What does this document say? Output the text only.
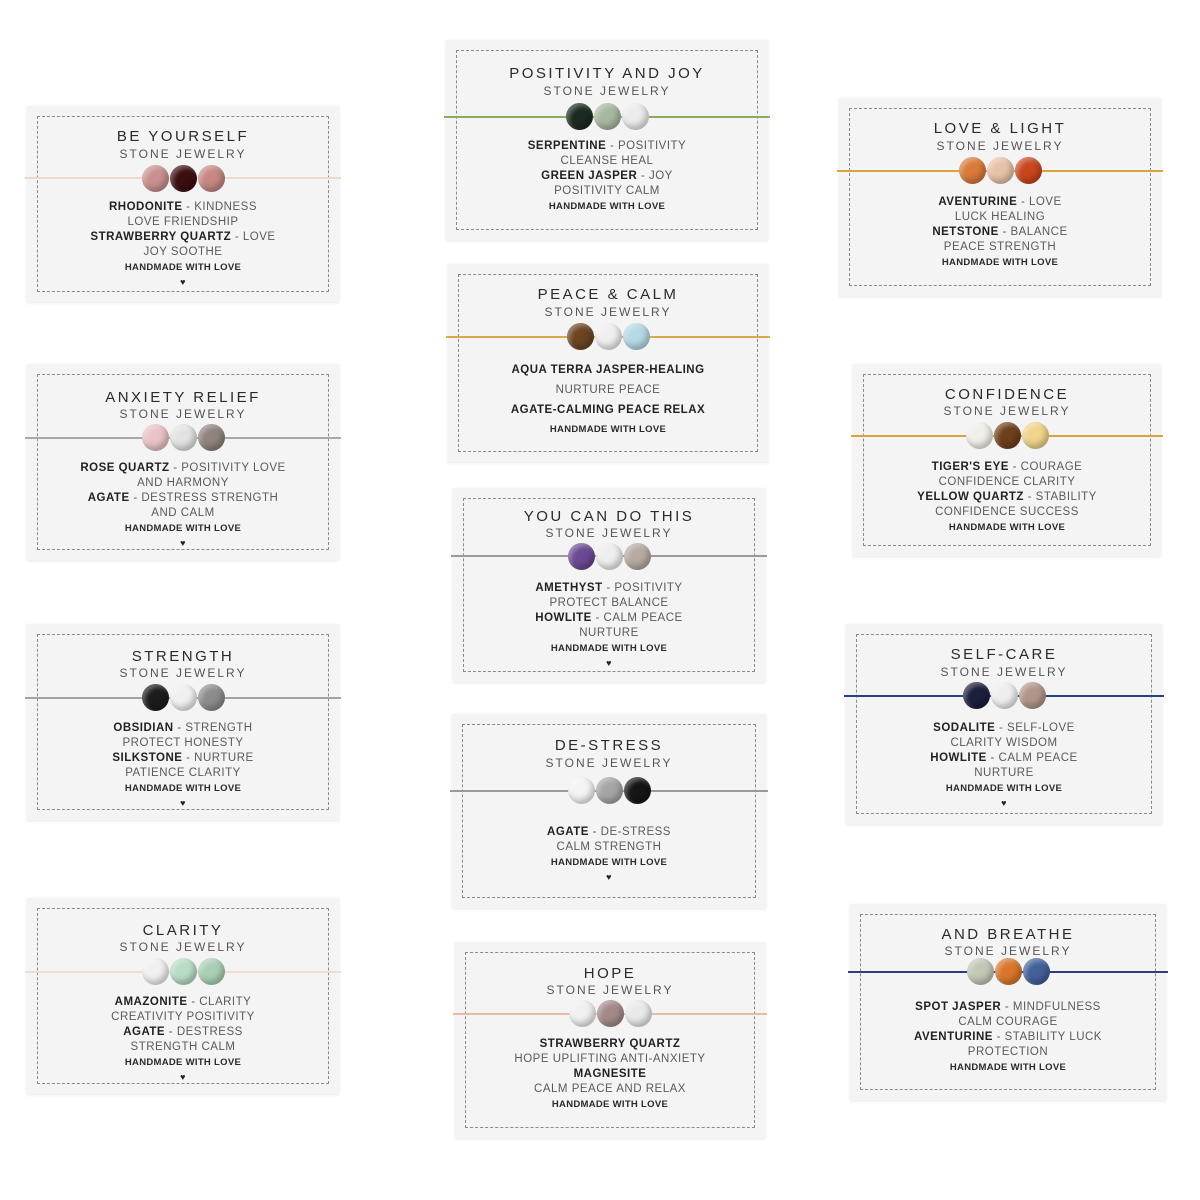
BE YOURSELF
STONE JEWELRY
RHODONITE - KINDNESS
LOVE FRIENDSHIP
STRAWBERRY QUARTZ - LOVE
JOY SOOTHE
HANDMADE WITH LOVE
♥
ANXIETY RELIEF
STONE JEWELRY
ROSE QUARTZ - POSITIVITY LOVE
AND HARMONY
AGATE - DESTRESS STRENGTH
AND CALM
HANDMADE WITH LOVE
♥
STRENGTH
STONE JEWELRY
OBSIDIAN - STRENGTH
PROTECT HONESTY
SILKSTONE - NURTURE
PATIENCE CLARITY
HANDMADE WITH LOVE
♥
CLARITY
STONE JEWELRY
AMAZONITE - CLARITY
CREATIVITY POSITIVITY
AGATE - DESTRESS
STRENGTH CALM
HANDMADE WITH LOVE
♥
POSITIVITY AND JOY
STONE JEWELRY
SERPENTINE - POSITIVITY
CLEANSE HEAL
GREEN JASPER - JOY
POSITIVITY CALM
HANDMADE WITH LOVE
PEACE & CALM
STONE JEWELRY
AQUA TERRA JASPER-HEALING
NURTURE PEACE
AGATE-CALMING PEACE RELAX
HANDMADE WITH LOVE
YOU CAN DO THIS
STONE JEWELRY
AMETHYST - POSITIVITY
PROTECT BALANCE
HOWLITE - CALM PEACE
NURTURE
HANDMADE WITH LOVE
♥
DE-STRESS
STONE JEWELRY
AGATE - DE-STRESS
CALM STRENGTH
HANDMADE WITH LOVE
♥
HOPE
STONE JEWELRY
STRAWBERRY QUARTZ
HOPE UPLIFTING ANTI-ANXIETY
MAGNESITE
CALM PEACE AND RELAX
HANDMADE WITH LOVE
LOVE & LIGHT
STONE JEWELRY
AVENTURINE - LOVE
LUCK HEALING
NETSTONE - BALANCE
PEACE STRENGTH
HANDMADE WITH LOVE
CONFIDENCE
STONE JEWELRY
TIGER'S EYE - COURAGE
CONFIDENCE CLARITY
YELLOW QUARTZ - STABILITY
CONFIDENCE SUCCESS
HANDMADE WITH LOVE
SELF-CARE
STONE JEWELRY
SODALITE - SELF-LOVE
CLARITY WISDOM
HOWLITE - CALM PEACE
NURTURE
HANDMADE WITH LOVE
♥
AND BREATHE
STONE JEWELRY
SPOT JASPER - MINDFULNESS
CALM COURAGE
AVENTURINE - STABILITY LUCK
PROTECTION
HANDMADE WITH LOVE
